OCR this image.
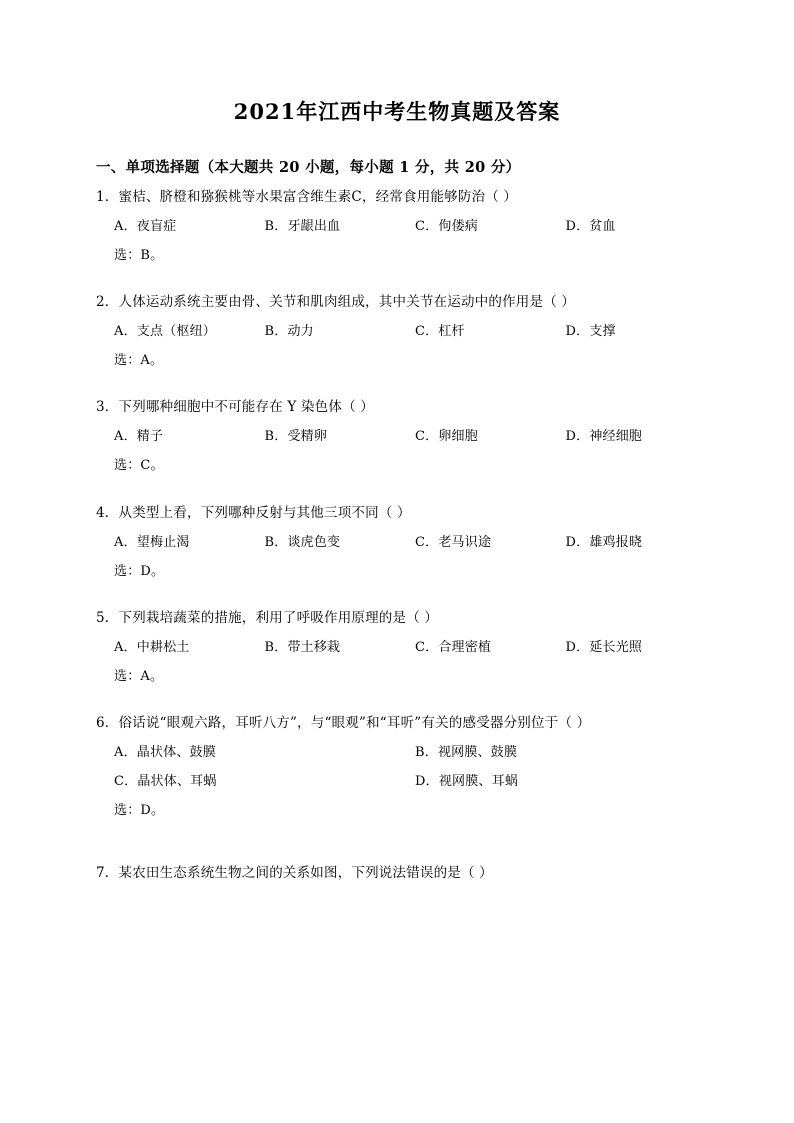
2021年江西中考生物真题及答案
一、单项选择题（本大题共 20 小题，每小题 1 分，共 20 分）
1．蜜桔、脐橙和猕猴桃等水果富含维生素C，经常食用能够防治（ ）
A．夜盲症	B．牙龈出血	C．佝偻病	D．贫血
选：B。
2．人体运动系统主要由骨、关节和肌肉组成，其中关节在运动中的作用是（ ）
A．支点（枢纽）	B．动力	C．杠杆	D．支撑
选：A。
3．下列哪种细胞中不可能存在 Y 染色体（ ）
A．精子	B．受精卵	C．卵细胞	D．神经细胞
选：C。
4．从类型上看，下列哪种反射与其他三项不同（ ）
A．望梅止渴	B．谈虎色变	C．老马识途	D．雄鸡报晓
选：D。
5．下列栽培蔬菜的措施，利用了呼吸作用原理的是（ ）
A．中耕松土	B．带土移栽	C．合理密植	D．延长光照
选：A。
6．俗话说“眼观六路，耳听八方”，与“眼观”和“耳听”有关的感受器分别位于（ ）
A．晶状体、鼓膜	B．视网膜、鼓膜
C．晶状体、耳蜗	D．视网膜、耳蜗
选：D。
7．某农田生态系统生物之间的关系如图，下列说法错误的是（ ）
